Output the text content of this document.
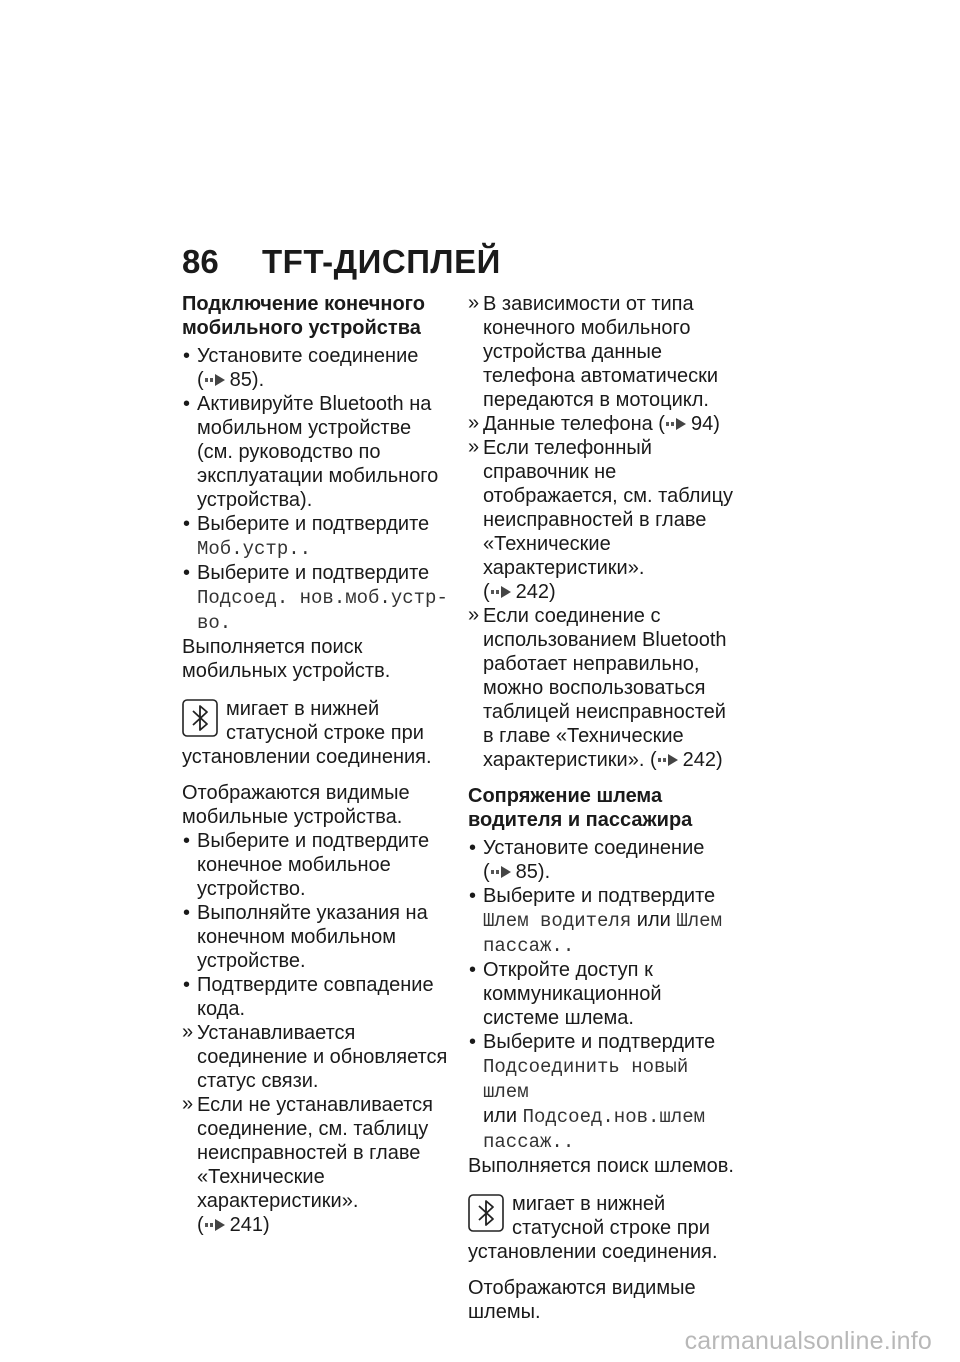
86	TFT-ДИСПЛЕЙ
Подключение конечного мобильного устройства
• Установите соединение
( 85).
• Активируйте Bluetooth на мобильном устройстве (см. руководство по эксплуатации мобильного устройства).
• Выберите и подтвердите
Моб.устр..
• Выберите и подтвердите
Подсоед. нов.моб.устр-во.

Выполняется поиск мобильных устройств.

мигает в нижней статусной строке при установлении соединения.

Отображаются видимые мобильные устройства.

• Выберите и подтвердите конечное мобильное устройство.
• Выполняйте указания на конечном мобильном устройстве.
• Подтвердите совпадение кода.
» Устанавливается соединение и обновляется статус связи.
» Если не устанавливается соединение, см. таблицу неисправностей в главе «Технические характеристики».
( 241)
» В зависимости от типа конечного мобильного устройства данные телефона автоматически передаются в мотоцикл.
» Данные телефона ( 94)
» Если телефонный справочник не отображается, см. таблицу неисправностей в главе «Технические характеристики».
( 242)
» Если соединение с использованием Bluetooth работает неправильно, можно воспользоваться таблицей неисправностей в главе «Технические характеристики». ( 242)
Сопряжение шлема водителя и пассажира
• Установите соединение
( 85).
• Выберите и подтвердите
Шлем водителя или Шлем пассаж..
• Откройте доступ к коммуникационной системе шлема.
• Выберите и подтвердите
Подсоединить новый шлем
или Подсоед.нов.шлем пассаж..

Выполняется поиск шлемов.

мигает в нижней статусной строке при установлении соединения.

Отображаются видимые шлемы.

carmanualsonline.info
